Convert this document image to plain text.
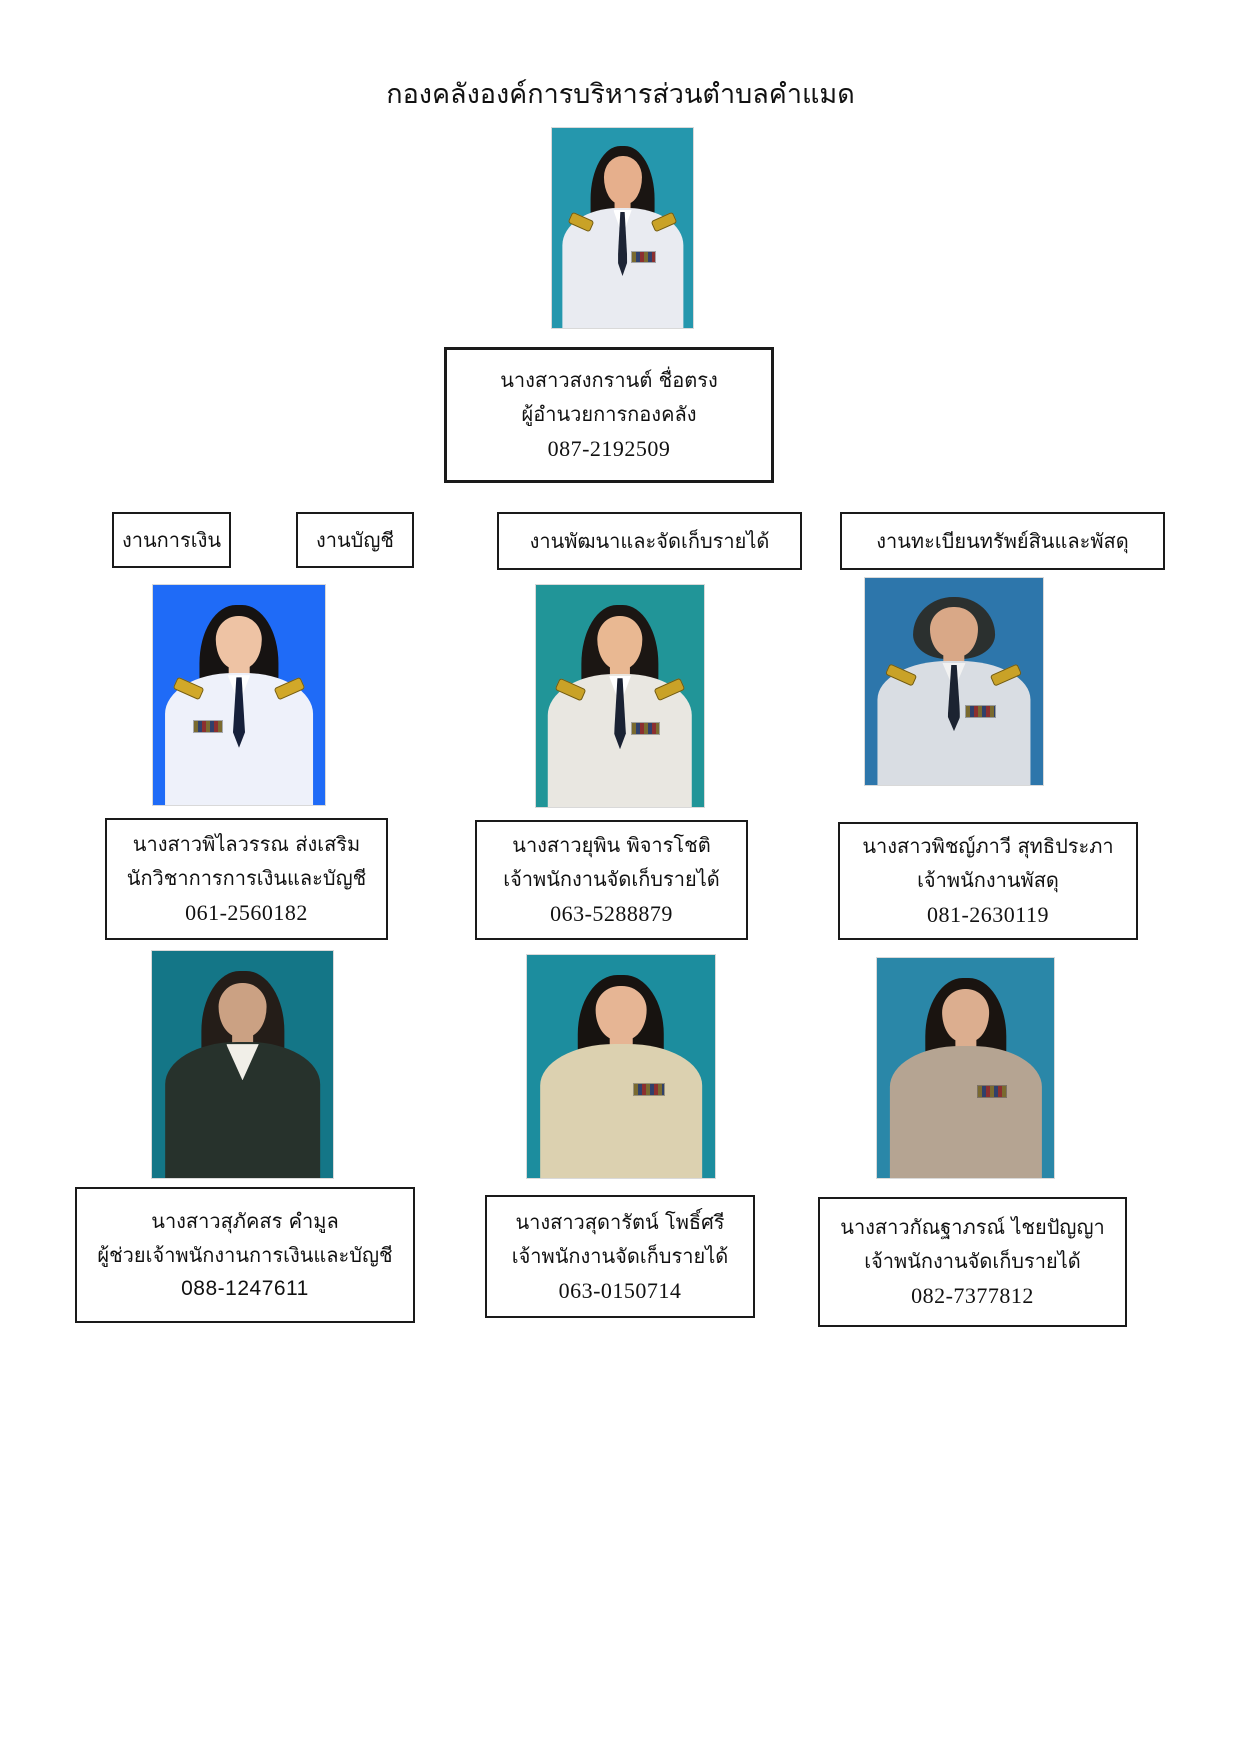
กองคลังองค์การบริหารส่วนตำบลคำแมด
นางสาวสงกรานต์ ชื่อตรง
ผู้อำนวยการกองคลัง
087-2192509
งานการเงิน	งานบัญชี	งานพัฒนาและจัดเก็บรายได้	งานทะเบียนทรัพย์สินและพัสดุ
นางสาวพิไลวรรณ ส่งเสริม
นักวิชาการการเงินและบัญชี
061-2560182
นางสาวยุพิน พิจารโชติ
เจ้าพนักงานจัดเก็บรายได้
063-5288879
นางสาวพิชญ์ภาวี สุทธิประภา
เจ้าพนักงานพัสดุ
081-2630119
นางสาวสุภัคสร คำมูล
ผู้ช่วยเจ้าพนักงานการเงินและบัญชี
088-1247611
นางสาวสุดารัตน์ โพธิ์ศรี
เจ้าพนักงานจัดเก็บรายได้
063-0150714
นางสาวกัณฐาภรณ์ ไชยปัญญา
เจ้าพนักงานจัดเก็บรายได้
082-7377812
